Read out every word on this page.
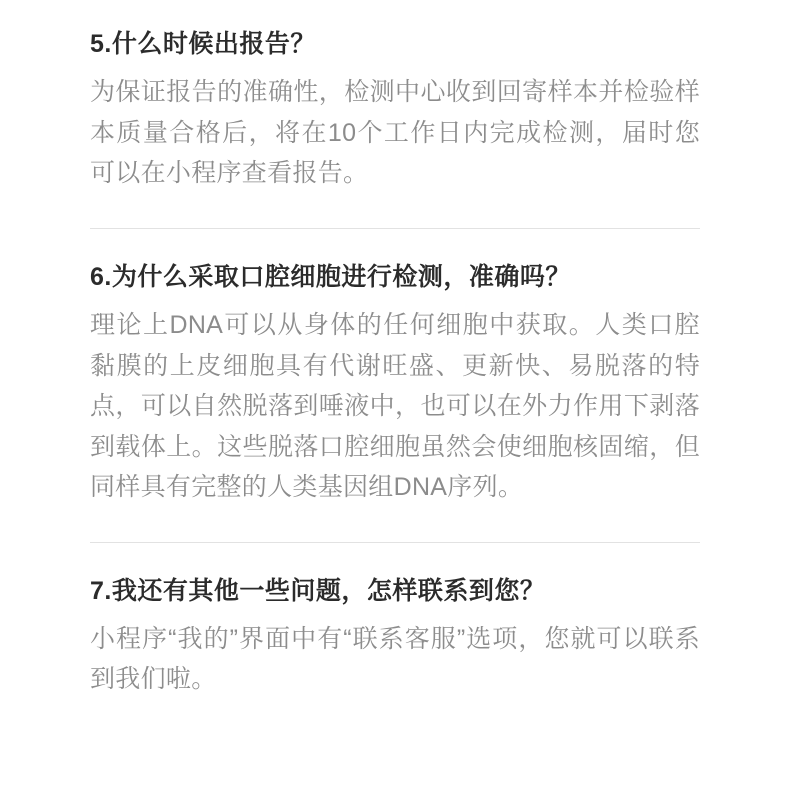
5.什么时候出报告？

为保证报告的准确性，检测中心收到回寄样本并检验样本质量合格后，将在10个工作日内完成检测，届时您可以在小程序查看报告。

6.为什么采取口腔细胞进行检测，准确吗？

理论上DNA可以从身体的任何细胞中获取。人类口腔黏膜的上皮细胞具有代谢旺盛、更新快、易脱落的特点，可以自然脱落到唾液中，也可以在外力作用下剥落到载体上。这些脱落口腔细胞虽然会使细胞核固缩，但同样具有完整的人类基因组DNA序列。

7.我还有其他一些问题，怎样联系到您？

小程序“我的”界面中有“联系客服”选项，您就可以联系到我们啦。
